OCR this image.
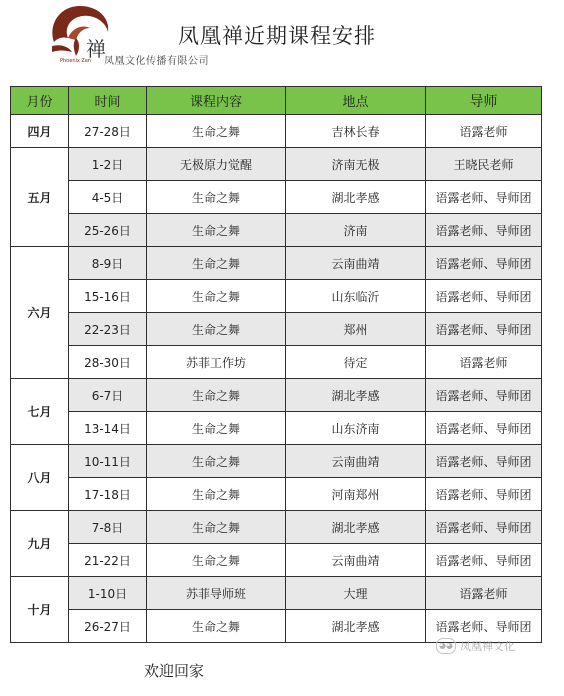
禅
Phoenix Zen 凤凰文化传播有限公司
凤凰禅近期课程安排
月份	时间	课程内容	地点	导师
四月	27-28日	生命之舞	吉林长春	语露老师
五月	1-2日	无极原力觉醒	济南无极	王晓民老师
	4-5日	生命之舞	湖北孝感	语露老师、导师团
	25-26日	生命之舞	济南	语露老师、导师团
六月	8-9日	生命之舞	云南曲靖	语露老师、导师团
	15-16日	生命之舞	山东临沂	语露老师、导师团
	22-23日	生命之舞	郑州	语露老师、导师团
	28-30日	苏菲工作坊	待定	语露老师
七月	6-7日	生命之舞	湖北孝感	语露老师、导师团
	13-14日	生命之舞	山东济南	语露老师、导师团
八月	10-11日	生命之舞	云南曲靖	语露老师、导师团
	17-18日	生命之舞	河南郑州	语露老师、导师团
九月	7-8日	生命之舞	湖北孝感	语露老师、导师团
	21-22日	生命之舞	云南曲靖	语露老师、导师团
十月	1-10日	苏菲导师班	大理	语露老师
	26-27日	生命之舞	湖北孝感	语露老师、导师团
◕◕ 凤凰禅文化
欢迎回家
